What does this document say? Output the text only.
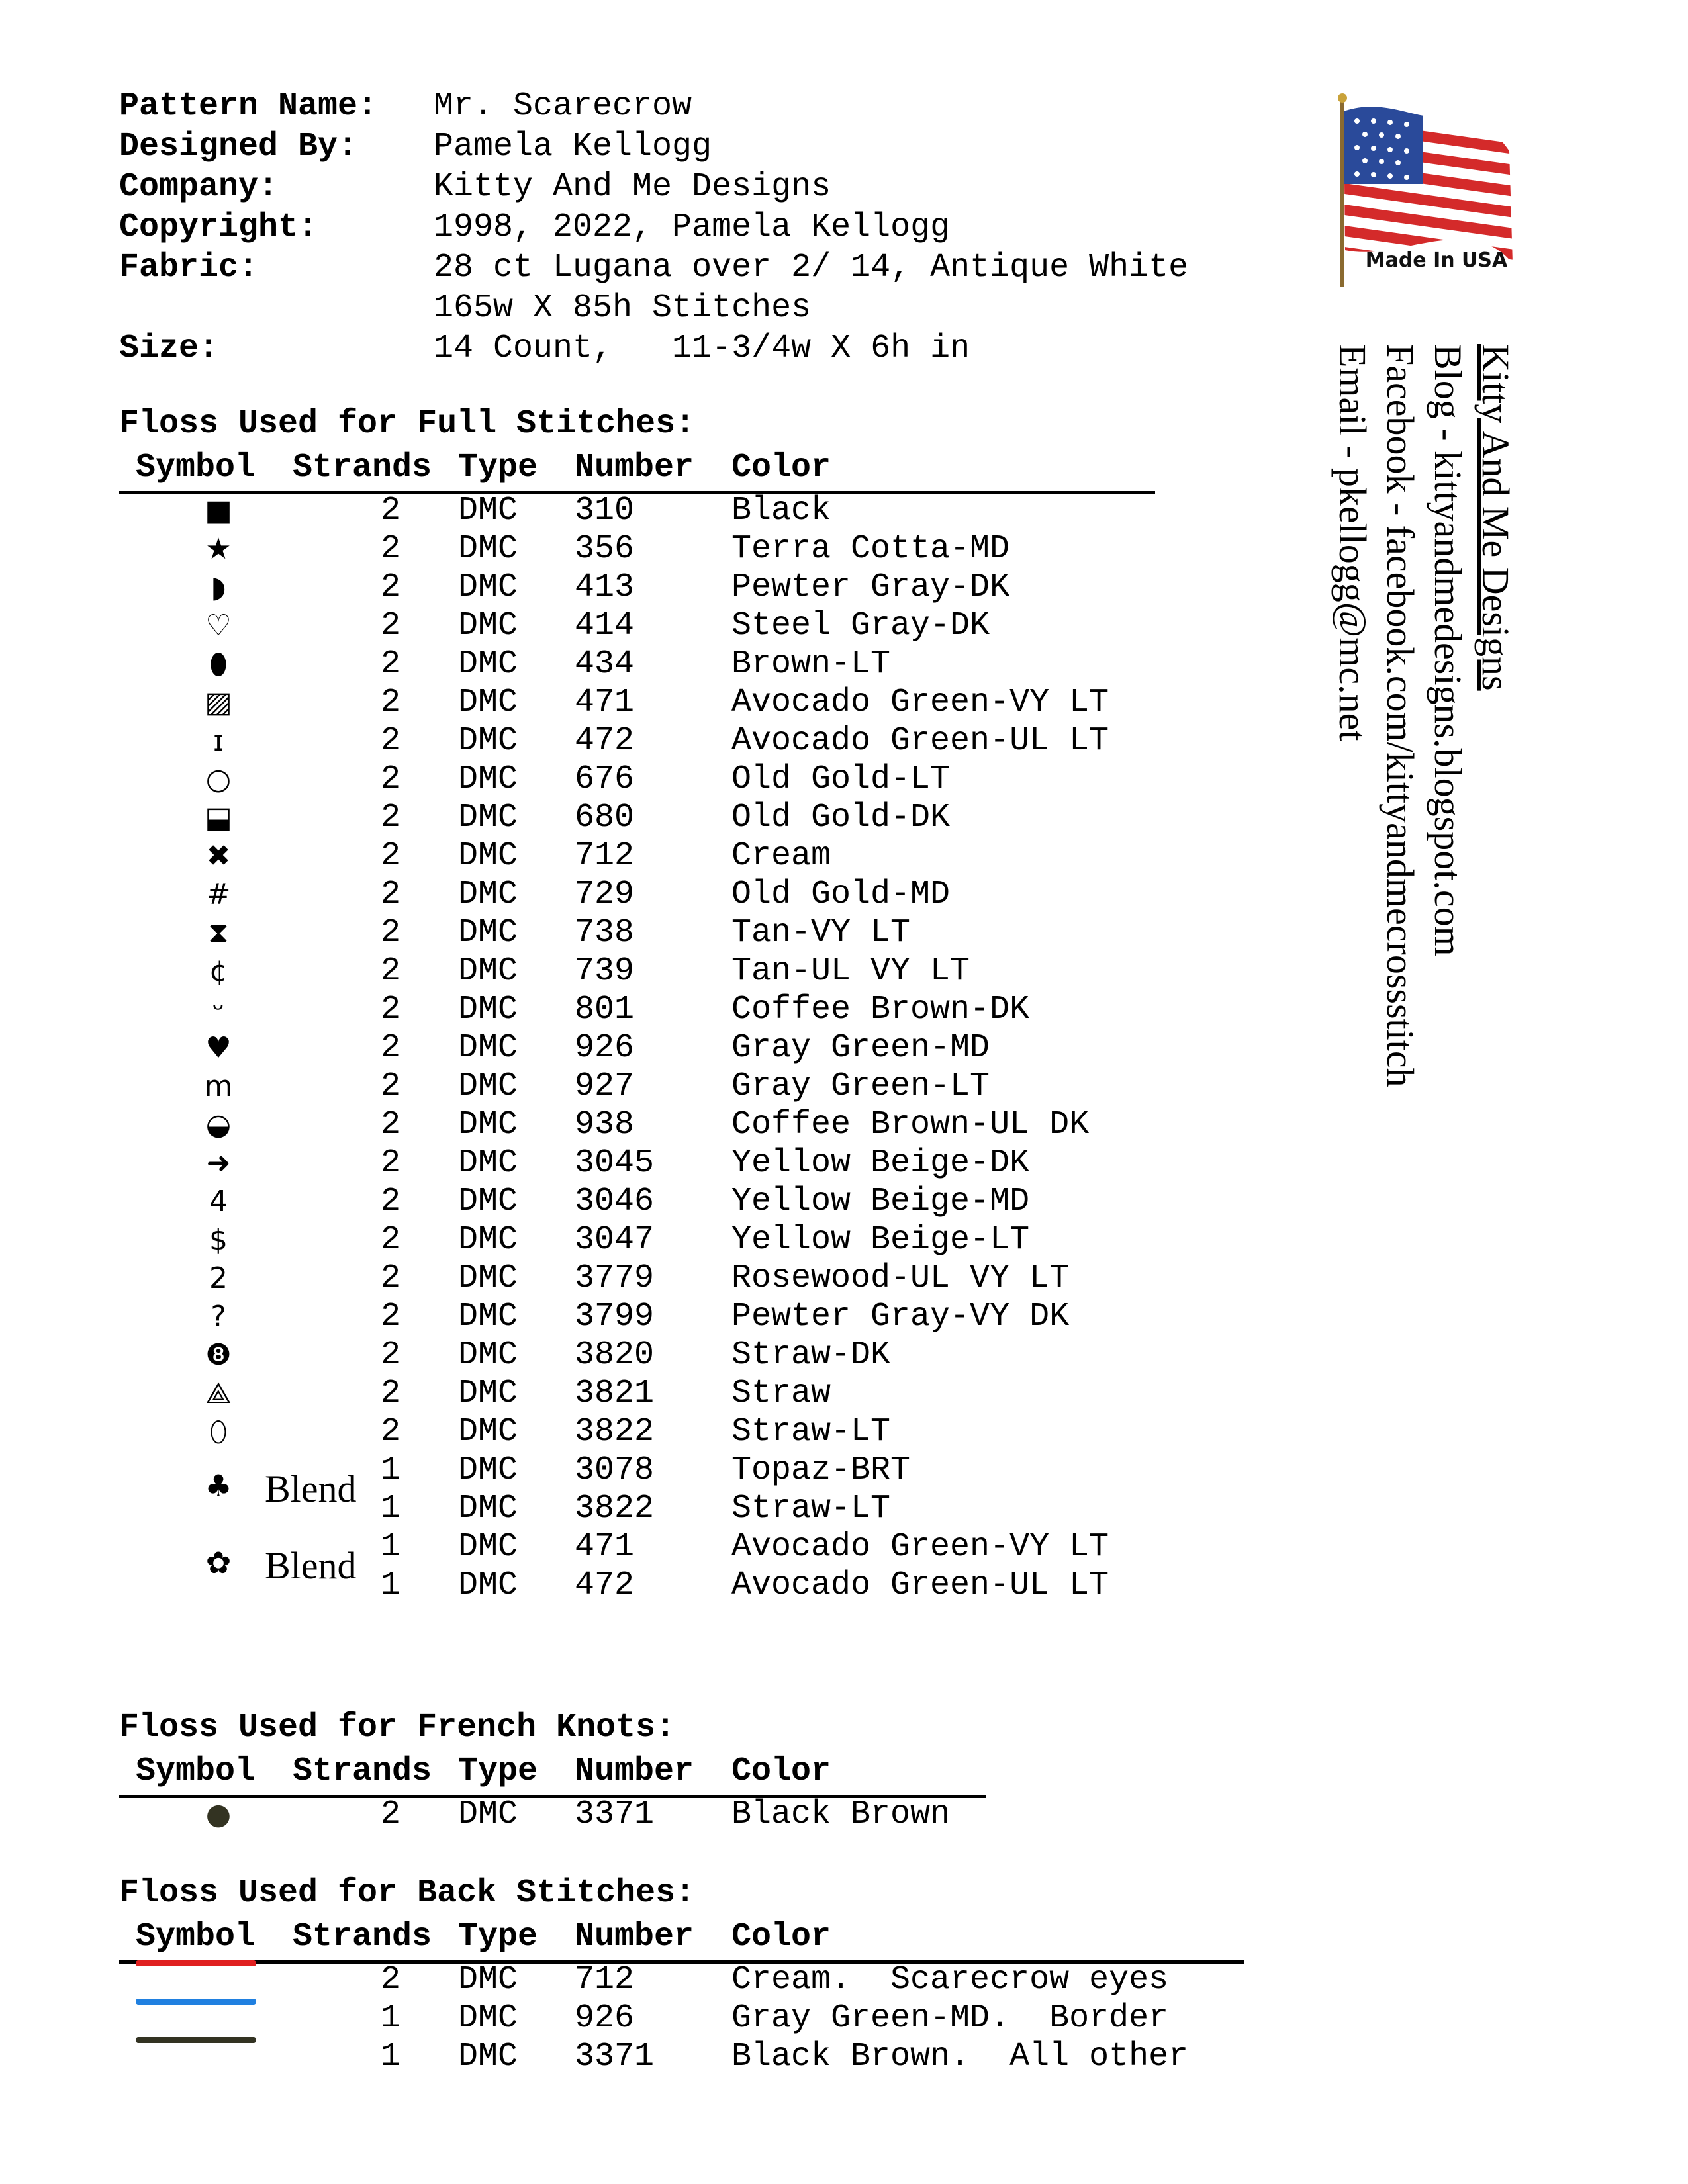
Pattern Name:	Mr. Scarecrow
Designed By:	Pamela Kellogg
Company:	Kitty And Me Designs
Copyright:	1998, 2022, Pamela Kellogg
Fabric:	28 ct Lugana over 2/ 14, Antique White
165w X 85h Stitches
Size:	14 Count,   11-3/4w X 6h in
Floss Used for Full Stitches:
Symbol Strands Type Number Color
■	2	DMC 310	Black
★	2	DMC 356	Terra Cotta-MD
◗	2	DMC 413	Pewter Gray-DK
♡	2	DMC 414	Steel Gray-DK
⬮	2	DMC 434	Brown-LT
▨	2	DMC 471	Avocado Green-VY LT
ɪ	2	DMC 472	Avocado Green-UL LT
○	2	DMC 676	Old Gold-LT
⬓	2	DMC 680	Old Gold-DK
✖	2	DMC 712	Cream
#	2	DMC 729	Old Gold-MD
⧗	2	DMC 738	Tan-VY LT
¢	2	DMC 739	Tan-UL VY LT
ᵕ	2	DMC 801	Coffee Brown-DK
♥	2	DMC 926	Gray Green-MD
m	2	DMC 927	Gray Green-LT
◒	2	DMC 938	Coffee Brown-UL DK
➜	2	DMC 3045 Yellow Beige-DK
4	2	DMC 3046 Yellow Beige-MD
$	2	DMC 3047 Yellow Beige-LT
2	2	DMC 3779 Rosewood-UL VY LT
?	2	DMC 3799 Pewter Gray-VY DK
❽	2	DMC 3820 Straw-DK
⟁	2	DMC 3821 Straw
⬯	2	DMC 3822 Straw-LT
♣ Blend 1	DMC 3078 Topaz-BRT
1	DMC 3822 Straw-LT
✿ Blend 1	DMC 471	Avocado Green-VY LT
1	DMC 472	Avocado Green-UL LT
Floss Used for French Knots:
Symbol Strands Type Number Color
●	2	DMC 3371 Black Brown
Floss Used for Back Stitches:
Symbol Strands Type Number Color
2	DMC 712	Cream.  Scarecrow eyes
1	DMC 926	Gray Green-MD.  Border
1	DMC 3371 Black Brown.  All other
Made In USA
Kitty And Me Designs
Blog - kittyandmedesigns.blogspot.com
Facebook - facebook.com/kittyandmecrossstitch
Email - pkellogg@mc.net
